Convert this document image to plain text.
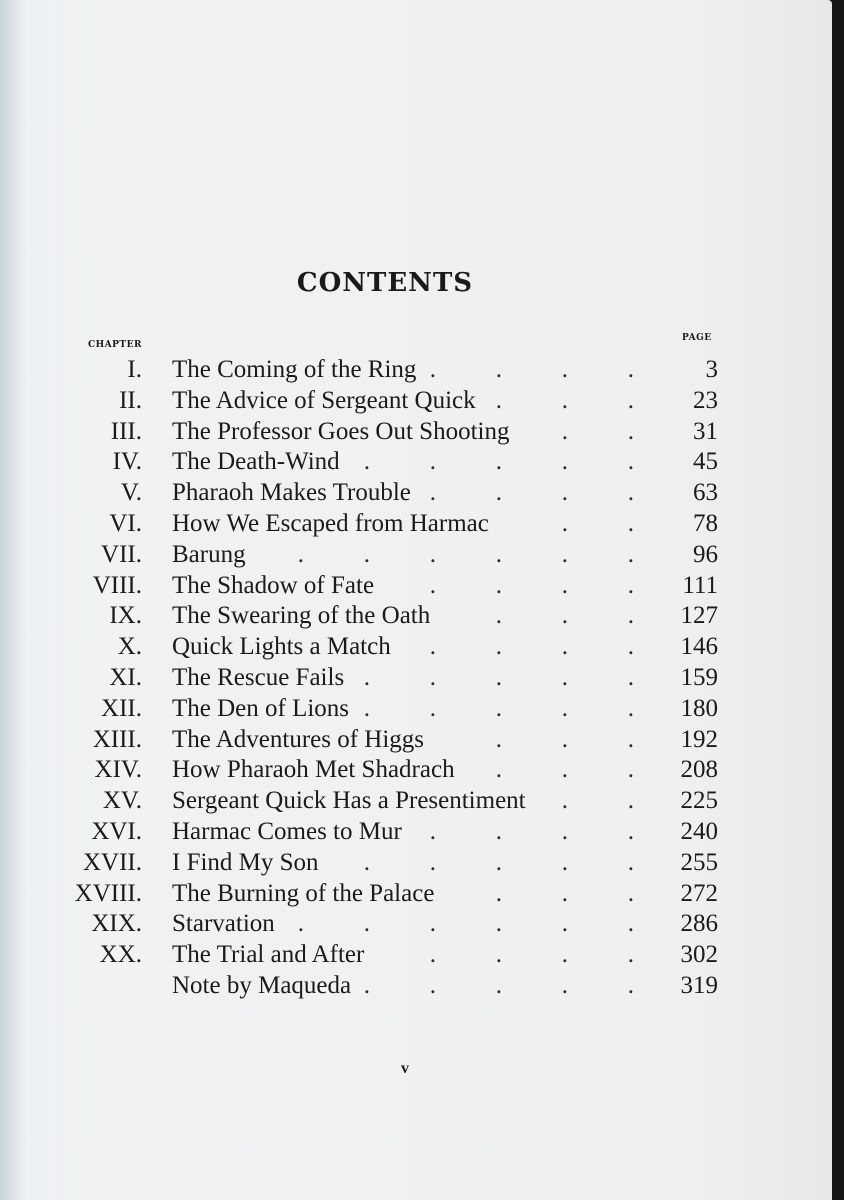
CONTENTS
CHAPTER
PAGE
. . . .
I. The Coming of the Ring	3
. . .
II. The Advice of Sergeant Quick	23
. .
III. The Professor Goes Out Shooting	31
. . . . .
IV. The Death-Wind	45
. . . .
V. Pharaoh Makes Trouble	63
. .
VI. How We Escaped from Harmac	78
. . . . . .
VII. Barung	96
. . . .
VIII. The Shadow of Fate	111
. . .
IX. The Swearing of the Oath	127
. . . .
X. Quick Lights a Match	146
. . . . .
XI. The Rescue Fails	159
. . . . .
XII. The Den of Lions	180
. . .
XIII. The Adventures of Higgs	192
. . .
XIV. How Pharaoh Met Shadrach	208
. .
XV. Sergeant Quick Has a Presentiment	225
. . . .
XVI. Harmac Comes to Mur	240
. . . . .
XVII. I Find My Son	255
. . .
XVIII. The Burning of the Palace	272
. . . . . .
XIX. Starvation	286
. . . .
XX. The Trial and After	302
. . . . .
Note by Maqueda	319
v
